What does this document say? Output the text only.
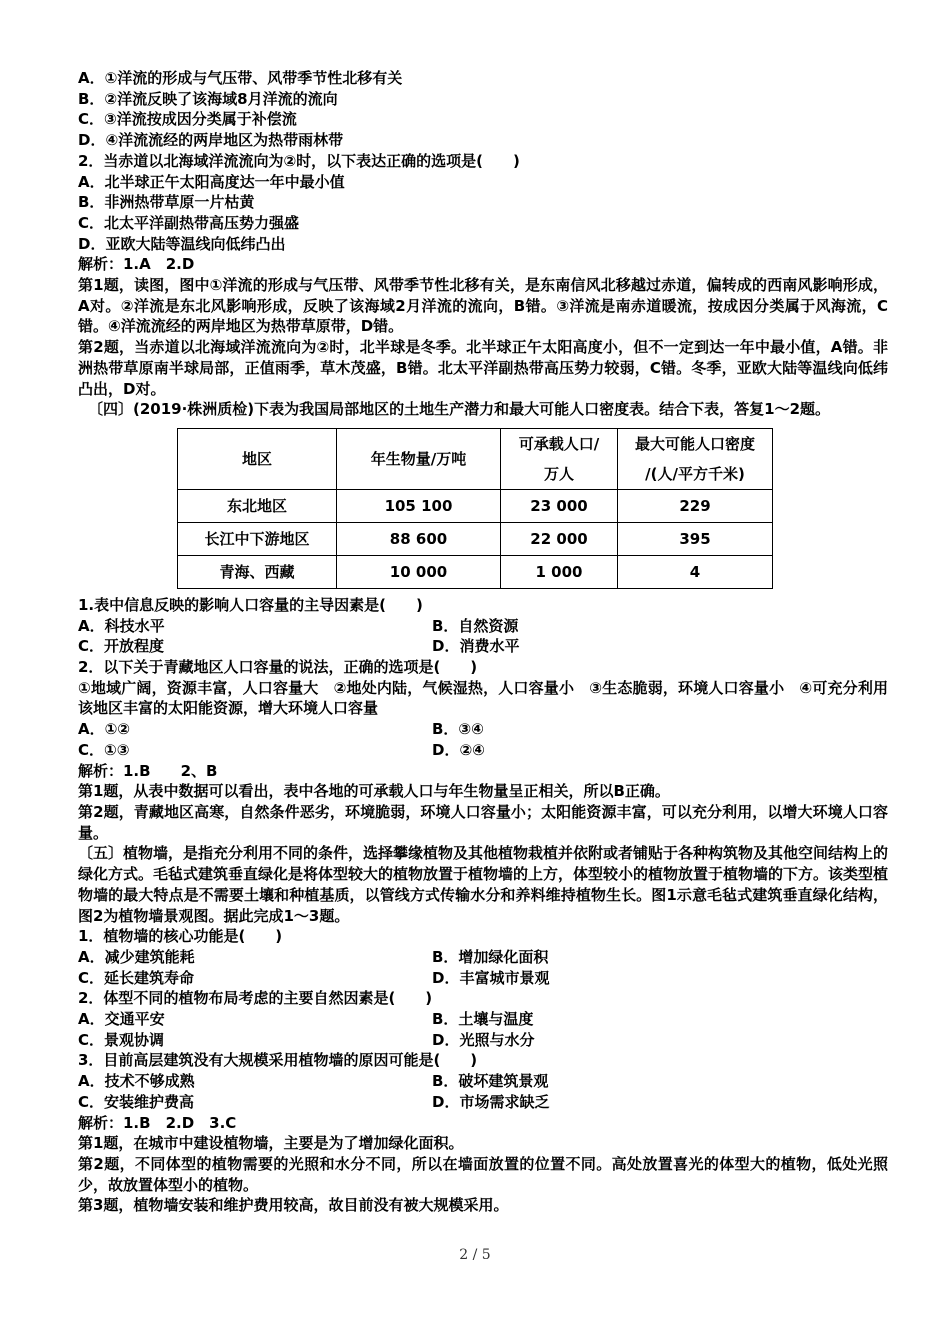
A．①洋流的形成与气压带、风带季节性北移有关
B．②洋流反映了该海域8月洋流的流向
C．③洋流按成因分类属于补偿流
D．④洋流流经的两岸地区为热带雨林带
2．当赤道以北海域洋流流向为②时，以下表达正确的选项是(　　)
A．北半球正午太阳高度达一年中最小值
B．非洲热带草原一片枯黄
C．北太平洋副热带高压势力强盛
D．亚欧大陆等温线向低纬凸出
解析：1.A　2.D
第1题，读图，图中①洋流的形成与气压带、风带季节性北移有关，是东南信风北移越过赤道，偏转成的西南风影响形成，A对。②洋流是东北风影响形成，反映了该海域2月洋流的流向，B错。③洋流是南赤道暖流，按成因分类属于风海流，C错。④洋流流经的两岸地区为热带草原带，D错。
第2题，当赤道以北海域洋流流向为②时，北半球是冬季。北半球正午太阳高度小，但不一定到达一年中最小值，A错。非洲热带草原南半球局部，正值雨季，草木茂盛，B错。北太平洋副热带高压势力较弱，C错。冬季，亚欧大陆等温线向低纬凸出，D对。
〔四〕(2019·株洲质检)下表为我国局部地区的土地生产潜力和最大可能人口密度表。结合下表，答复1～2题。
地区	年生物量/万吨	可承载人口/	最大可能人口密度
		万人	/(人/平方千米)
东北地区	105 100	23 000	229
长江中下游地区	88 600	22 000	395
青海、西藏	10 000	1 000	4
1.表中信息反映的影响人口容量的主导因素是(　　)
A．科技水平	B．自然资源
C．开放程度	D．消费水平
2．以下关于青藏地区人口容量的说法，正确的选项是(　　)
①地域广阔，资源丰富，人口容量大　②地处内陆，气候湿热，人口容量小　③生态脆弱，环境人口容量小　④可充分利用该地区丰富的太阳能资源，增大环境人口容量
A．①②	B．③④
C．①③	D．②④
解析：1.B　　2、B
第1题，从表中数据可以看出，表中各地的可承载人口与年生物量呈正相关，所以B正确。
第2题，青藏地区高寒，自然条件恶劣，环境脆弱，环境人口容量小；太阳能资源丰富，可以充分利用，以增大环境人口容量。
〔五〕植物墙，是指充分利用不同的条件，选择攀缘植物及其他植物栽植并依附或者铺贴于各种构筑物及其他空间结构上的绿化方式。毛毡式建筑垂直绿化是将体型较大的植物放置于植物墙的上方，体型较小的植物放置于植物墙的下方。该类型植物墙的最大特点是不需要土壤和种植基质，以管线方式传输水分和养料维持植物生长。图1示意毛毡式建筑垂直绿化结构，图2为植物墙景观图。据此完成1～3题。
1．植物墙的核心功能是(　　)
A．减少建筑能耗	B．增加绿化面积
C．延长建筑寿命	D．丰富城市景观
2．体型不同的植物布局考虑的主要自然因素是(　　)
A．交通平安	B．土壤与温度
C．景观协调	D．光照与水分
3．目前高层建筑没有大规模采用植物墙的原因可能是(　　)
A．技术不够成熟	B．破坏建筑景观
C．安装维护费高	D．市场需求缺乏
解析：1.B　2.D　3.C
第1题，在城市中建设植物墙，主要是为了增加绿化面积。
第2题，不同体型的植物需要的光照和水分不同，所以在墙面放置的位置不同。高处放置喜光的体型大的植物，低处光照少，故放置体型小的植物。
第3题，植物墙安装和维护费用较高，故目前没有被大规模采用。
2 / 5
